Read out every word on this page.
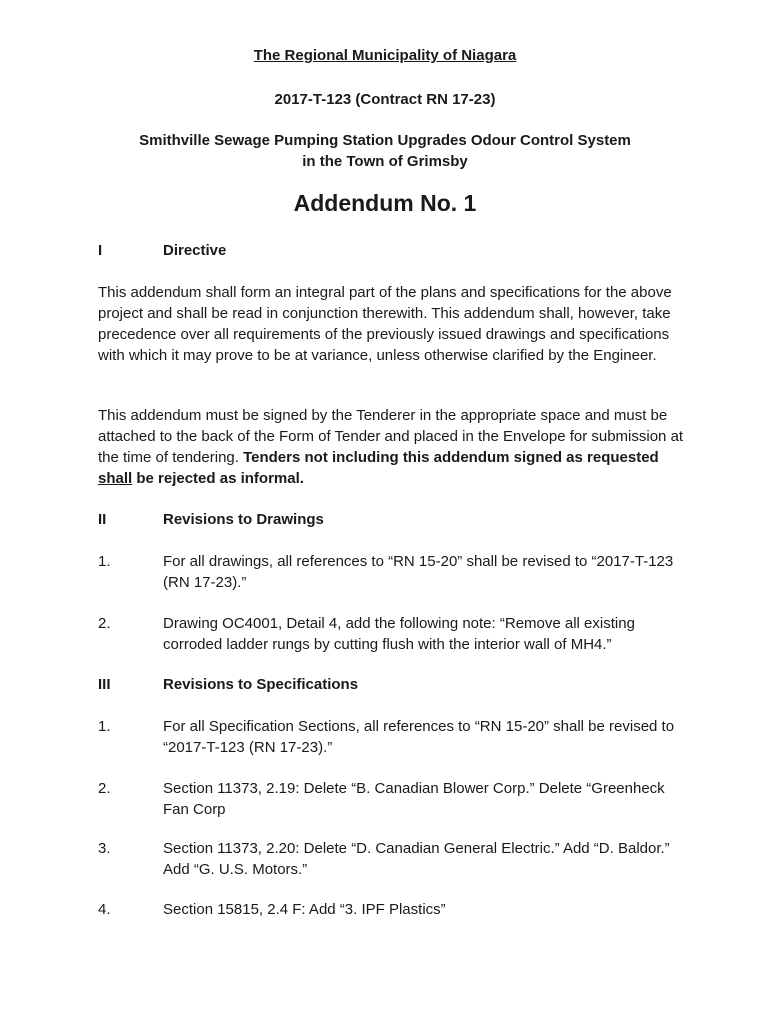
The Regional Municipality of Niagara
2017-T-123 (Contract RN 17-23)
Smithville Sewage Pumping Station Upgrades Odour Control System
in the Town of Grimsby
Addendum No. 1
I	Directive
This addendum shall form an integral part of the plans and specifications for the above project and shall be read in conjunction therewith. This addendum shall, however, take precedence over all requirements of the previously issued drawings and specifications with which it may prove to be at variance, unless otherwise clarified by the Engineer.
This addendum must be signed by the Tenderer in the appropriate space and must be attached to the back of the Form of Tender and placed in the Envelope for submission at the time of tendering. Tenders not including this addendum signed as requested shall be rejected as informal.
II	Revisions to Drawings
1.	For all drawings, all references to “RN 15-20” shall be revised to “2017-T-123 (RN 17-23).”
2.	Drawing OC4001, Detail 4, add the following note: “Remove all existing corroded ladder rungs by cutting flush with the interior wall of MH4.”
III	Revisions to Specifications
1.	For all Specification Sections, all references to “RN 15-20” shall be revised to “2017-T-123 (RN 17-23).”
2.	Section 11373, 2.19: Delete “B. Canadian Blower Corp.” Delete “Greenheck Fan Corp
3.	Section 11373, 2.20: Delete “D. Canadian General Electric.” Add “D. Baldor.” Add “G. U.S. Motors.”
4.	Section 15815, 2.4 F: Add “3. IPF Plastics”
